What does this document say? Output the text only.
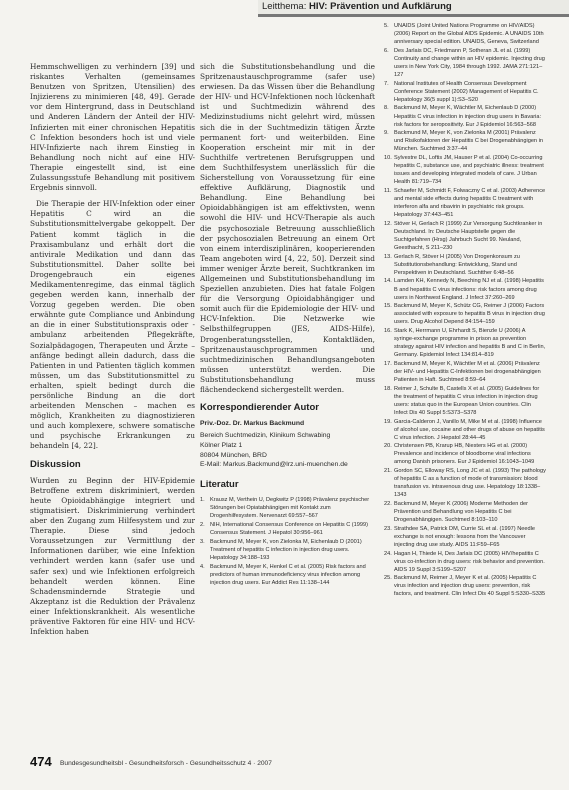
Leitthema: HIV: Prävention und Aufklärung

Hemmschwelligen zu verhindern [39] und riskantes Verhalten (gemeinsames Benutzen von Spritzen, Utensilien) des Injizierens zu minimieren [48, 49]. Gerade vor dem Hintergrund, dass in Deutschland und Anderen Ländern der Anteil der HIV-Infizierten mit einer chronischen Hepatitis C Infektion besonders hoch ist und viele HIV-Infizierte nach ihrem Einstieg in Behandlung noch nicht auf eine HIV-Therapie eingestellt sind, ist eine Zulassungsstufe Behandlung mit positivem Ergebnis sinnvoll.

Die Therapie der HIV-Infektion oder einer Hepatitis C wird an die Substitutionsmittelvergabe gekoppelt. Der Patient kommt täglich in die Praxisambulanz und erhält dort die antivirale Medikation und dann das Substitutionsmittel. Daher sollte bei Drogengebrauch ein eigenes Medikamentenregime, das einmal täglich gegeben werden kann, innerhalb der Vorzug gegeben werden. Die oben erwähnte gute Compliance und Anbindung an die in einer Substitutionspraxis oder -ambulanz arbeitenden Pflegekräfte, Sozialpädagogen, Therapeuten und Ärzte – anfänge bedingt allein dadurch, dass die Patienten in und Patienten täglich kommen müssen, um das Substitutionsmittel zu erhalten, spielt bedingt durch die persönliche Bindung an die dort arbeitenden Menschen – machen es möglich, Krankheiten zu diagnostizieren und auch komplexere, schwere somatische und psychische Erkrankungen zu behandeln [4, 22].

Diskussion

Wurden zu Beginn der HIV-Epidemie Betroffene extrem diskriminiert, werden heute Opioidabhängige integriert und stigmatisiert. Diskriminierung verhindert aber den Zugang zum Hilfesystem und zur Therapie. Diese sind jedoch Voraussetzungen zur Vermittlung der Informationen darüber, wie eine Infektion verhindert werden kann (safer use und safer sex) und wie Infektionen erfolgreich behandelt werden können. Eine Schadensmindernde Strategie und Akzeptanz ist die Reduktion der Prävalenz einer Infektionskrankheit. Als wesentliche präventive Faktoren für eine HIV- und HCV-Infektion haben

sich die Substitutionsbehandlung und die Spritzenaustauschprogramme (safer use) erwiesen. Da das Wissen über die Behandlung der HIV- und HCV-Infektionen noch lückenhaft ist und Suchtmedizin während des Medizinstudiums nicht gelehrt wird, müssen sich die in der Suchtmedizin tätigen Ärzte permanent fort- und weiterbilden. Eine Kooperation erscheint mir mit in der Suchthilfe vertretenen Berufsgruppen und dem Suchthilfesystem unerlässlich für die Sicherstellung von Voraussetzung für eine effektive Aufklärung, Diagnostik und Behandlung. Eine Behandlung bei Opioidabhängigen ist am effektivsten, wenn sowohl die HIV- und HCV-Therapie als auch die psychosoziale Betreuung ausschließlich der psychosozialen Betreuung an einem Ort von einem interdisziplinären, kooperierenden Team angeboten wird [4, 22, 50]. Derzeit sind immer weniger Ärzte bereit, Suchtkranken im Allgemeinen und Substitutionsbehandlung im Speziellen anzubieten. Dies hat fatale Folgen für die Versorgung Opioidabhängiger und somit auch für die Epidemiologie der HIV- und HCV-Infektion. Die Netzwerke wie Selbsthilfegruppen (JES, AIDS-Hilfe), Drogenberatungsstellen, Kontaktläden, Spritzenaustauschprogrammen und suchtmedizinischen Behandlungsangeboten müssen unterstützt werden. Die Substitutionsbehandlung muss flächendeckend sichergestellt werden.

Korrespondierender Autor
Priv.-Doz. Dr. Markus Backmund
Bereich Suchtmedizin, Klinikum Schwabing
Kölner Platz 1
80804 München, BRD
E-Mail: Markus.Backmund@lrz.uni-muenchen.de
Literatur
1. Krausz M, Verthein U, Degkwitz P (1998) Prävalenz psychischer Störungen bei Opiatabhängigen mit Kontakt zum Drogenhilfesystem. Nervenarzt 69:557–567
2. NIH, International Consensus Conference on Hepatitis C (1999) Consensus Statement. J Hepatol 30:956–961
3. Backmund M, Meyer K, von Zielonka M, Eichenlaub D (2001) Treatment of hepatitis C infection in injection drug users. Hepatology 34:188–193
4. Backmund M, Meyer K, Henkel C et al. (2005) Risk factors and predictors of human immunodeficiency virus infection among injection drug users. Eur Addict Res 11:138–144
5. UNAIDS (Joint United Nations Programme on HIV/AIDS) (2006) Report on the Global AIDS Epidemic. A UNAIDS 10th anniversary special edition. UNAIDS, Geneva, Switzerland
6. Des Jarlais DC, Friedmann P, Sotheran JL et al. (1999) Continuity and change within an HIV epidemic. Injecting drug users in New York City, 1984 through 1992. JAMA 271:121–127
7. National Institutes of Health Consensus Development Conference Statement (2002) Management of Hepatitis C. Hepatology 36(5 suppl 1):S3–S20
8. Backmund M, Meyer K, Wächtler M, Eichenlaub D (2000) Hepatitis C virus infection in injection drug users in Bavaria: risk factors for seropositivity. Eur J Epidemiol 16:563–568
9. Backmund M, Meyer K, von Zielonka M (2001) Prävalenz und Risikofaktoren der Hepatitis C bei Drogenabhängigen in München. Suchtmed 3:37–44
10. Sylvestre DL, Loftis JM, Hauser P et al. (2004) Co-occurring hepatitis C, substance use, and psychiatric illness: treatment issues and developing integrated models of care. J Urban Health 81:719–734
11. Schaefer M, Schmidt F, Folwaczny C et al. (2003) Adherence and mental side effects during hepatitis C treatment with interferon alfa and ribavirin in psychiatric risk groups. Hepatology 37:443–451
12. Stöver H, Gerlach R (1999) Zur Versorgung Suchtkranker in Deutschland. In: Deutsche Hauptstelle gegen die Suchtgefahren (Hrsg) Jahrbuch Sucht 99. Neuland, Geesthacht, S 211–230
13. Gerlach R, Stöver H (2005) Von Drogenkonsum zu Substitutionsbehandlung: Entwicklung, Stand und Perspektiven in Deutschland. Suchtther 6:48–56
14. Lamden KH, Kennedy N, Beeching NJ et al. (1998) Hepatitis B and hepatitis C virus infections: risk factors among drug users in Northwest England. J Infect 37:260–269
15. Backmund M, Meyer K, Schütz CG, Reimer J (2006) Factors associated with exposure to hepatitis B virus in injection drug users. Drug Alcohol Depend 84:154–159
16. Stark K, Herrmann U, Ehrhardt S, Bienzle U (2006) A syringe-exchange programme in prison as prevention strategy against HIV infection and hepatitis B and C in Berlin, Germany. Epidemiol Infect 134:814–819
17. Backmund M, Meyer K, Wächtler M et al. (2006) Prävalenz der HIV- und Hepatitis C-Infektionen bei drogenabhängigen Patienten in Haft. Suchtmed 8:59–64
18. Reimer J, Schulte B, Castells X et al. (2005) Guidelines for the treatment of hepatitis C virus infection in injection drug users: status quo in the European Union countries. Clin Infect Dis 40 Suppl 5:S373–S378
19. Garcia-Calderon J, Vanillo M, Mike M et al. (1998) Influence of alcohol use, cocaine and other drugs of abuse on hepatitis C virus infection. J Hepatol 28:44–45
20. Christensen PB, Krarup HB, Niesters HG et al. (2000) Prevalence and incidence of bloodborne viral infections among Danish prisoners. Eur J Epidemiol 16:1043–1049
21. Gordon SC, Elloway RS, Long JC et al. (1993) The pathology of hepatitis C as a function of mode of transmission: blood transfusion vs. intravenous drug use. Hepatology 18:1338–1343
22. Backmund M, Meyer K (2006) Moderne Methoden der Prävention und Behandlung von Hepatitis C bei Drogenabhängigen. Suchtmed 8:103–110
23. Strathdee SA, Patrick DM, Currie SL et al. (1997) Needle exchange is not enough: lessons from the Vancouver injecting drug use study. AIDS 11:F59–F65
24. Hagan H, Thiede H, Des Jarlais DC (2005) HIV/hepatitis C virus co-infection in drug users: risk behavior and prevention. AIDS 19 Suppl 3:S199–S207
25. Backmund M, Reimer J, Meyer K et al. (2005) Hepatitis C virus infection and injection drug users: prevention, risk factors, and treatment. Clin Infect Dis 40 Suppl 5:S330–S335
474 Bundesgesundheitsbl - Gesundheitsforsch - Gesundheitsschutz 4 · 2007
